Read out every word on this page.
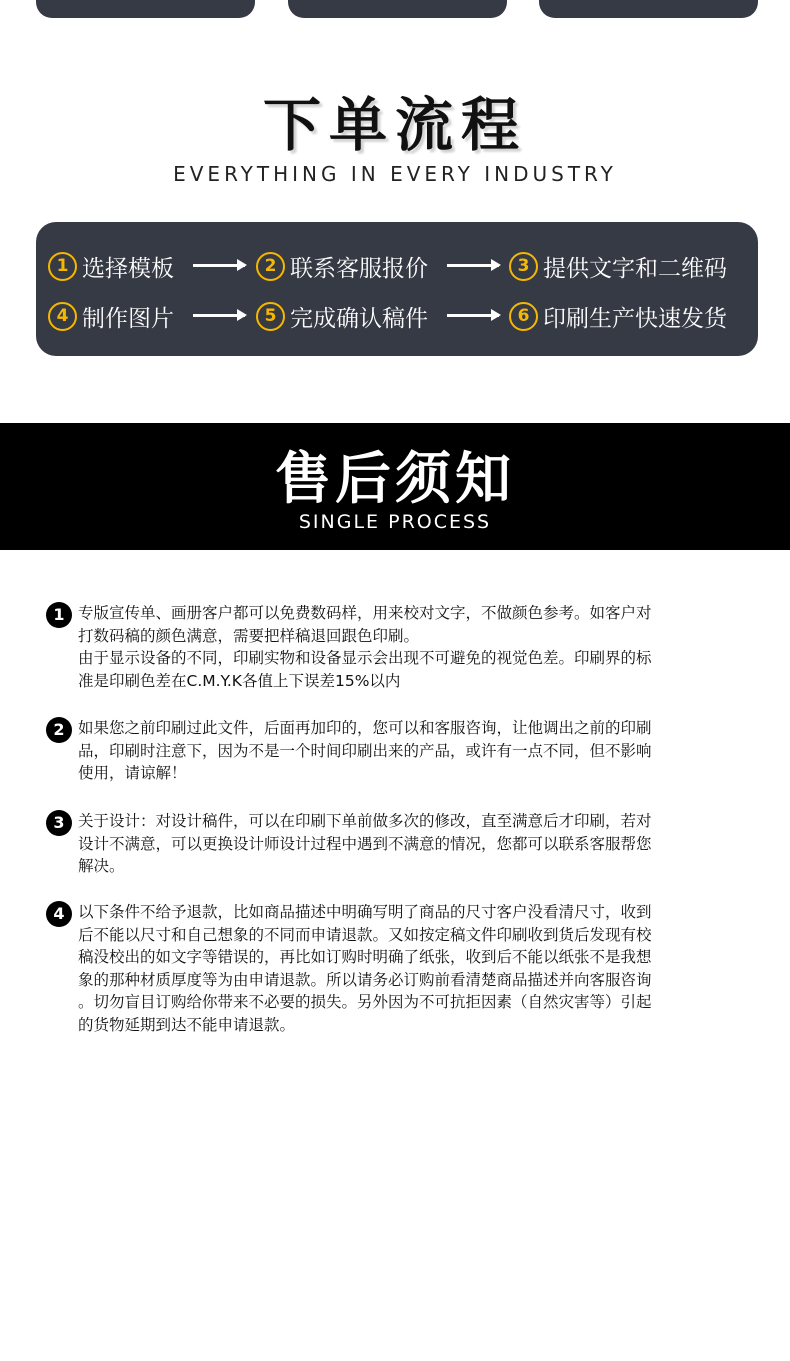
下单流程
EVERYTHING IN EVERY INDUSTRY
1 选择模板	2 联系客服报价	3 提供文字和二维码
4 制作图片	5 完成确认稿件	6 印刷生产快速发货
售后须知
SINGLE PROCESS
1 专版宣传单、画册客户都可以免费数码样，用来校对文字，不做颜色参考。如客户对
打数码稿的颜色满意，需要把样稿退回跟色印刷。
由于显示设备的不同，印刷实物和设备显示会出现不可避免的视觉色差。印刷界的标
准是印刷色差在C.M.Y.K各值上下误差15%以内
2 如果您之前印刷过此文件，后面再加印的，您可以和客服咨询，让他调出之前的印刷
品，印刷时注意下，因为不是一个时间印刷出来的产品，或许有一点不同，但不影响
使用，请谅解！
3 关于设计：对设计稿件，可以在印刷下单前做多次的修改，直至满意后才印刷，若对
设计不满意，可以更换设计师设计过程中遇到不满意的情况，您都可以联系客服帮您
解决。
4 以下条件不给予退款，比如商品描述中明确写明了商品的尺寸客户没看清尺寸，收到
后不能以尺寸和自己想象的不同而申请退款。又如按定稿文件印刷收到货后发现有校
稿没校出的如文字等错误的，再比如订购时明确了纸张，收到后不能以纸张不是我想
象的那种材质厚度等为由申请退款。所以请务必订购前看清楚商品描述并向客服咨询
。切勿盲目订购给你带来不必要的损失。另外因为不可抗拒因素（自然灾害等）引起
的货物延期到达不能申请退款。
